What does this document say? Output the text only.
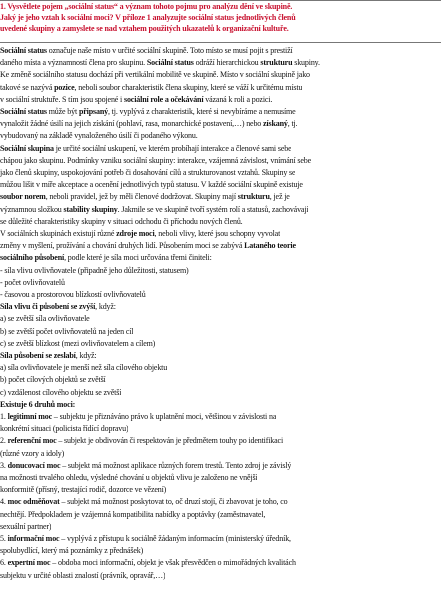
1. Vysvětlete pojem „sociální status“ a význam tohoto pojmu pro analýzu dění ve skupině.
Jaký je jeho vztah k sociální moci? V příloze 1 analyzujte sociální status jednotlivých členů
uvedené skupiny a zamyslete se nad vztahem použitých ukazatelů k organizační kultuře.
Sociální status označuje naše místo v určité sociální skupině. Toto místo se musí pojit s prestiží
daného místa a významností člena pro skupinu. Sociální status odráží hierarchickou strukturu skupiny.
Ke změně sociálního statusu dochází při vertikální mobilitě ve skupině. Místo v sociální skupině jako
takové se nazývá pozice, neboli soubor charakteristik člena skupiny, které se váží k určitému místu
v sociální struktuře. S tím jsou spojené i sociální role a očekávání vázaná k roli a pozici.
Sociální status může být připsaný, tj. vyplývá z charakteristik, které si nevybíráme a nemusíme
vynaložit žádné úsilí na jejich získání (pohlaví, rasa, monarchické postavení,…) nebo získaný, tj.
vybudovaný na základě vynaloženého úsilí či podaného výkonu.
Sociální skupina je určité sociální uskupení, ve kterém probíhají interakce a členové sami sebe
chápou jako skupinu. Podmínky vzniku sociální skupiny: interakce, vzájemná závislost, vnímání sebe
jako členů skupiny, uspokojování potřeb či dosahování cílů a strukturovanost vztahů. Skupiny se
můžou lišit v míře akceptace a ocenění jednotlivých typů statusu. V každé sociální skupině existuje
soubor norem, neboli pravidel, jež by měli členové dodržovat. Skupiny mají strukturu, jež je
významnou složkou stability skupiny. Jakmile se ve skupině tvoří systém rolí a statusů, zachovávají
se důležité charakteristiky skupiny v situaci odchodu či příchodu nových členů.
V sociálních skupinách existují různé zdroje moci, neboli vlivy, které jsou schopny vyvolat
změny v myšlení, prožívání a chování druhých lidí. Působením moci se zabývá Lataného teorie
sociálního působení, podle které je síla moci určována třemi činiteli:
- síla vlivu ovlivňovatele (připadně jeho důležitosti, statusem)
- počet ovlivňovatelů
- časovou a prostorovou blízkostí ovlivňovatelů
Síla vlivu či působení se zvýší, když:
a) se zvětší síla ovlivňovatele
b) se zvětší počet ovlivňovatelů na jeden cíl
c) se zvětší blízkost (mezi ovlivňovatelem a cílem)
Síla působení se zeslabí, když:
a) síla ovlivňovatele je menší než síla cílového objektu
b) počet cílových objektů se zvětší
c) vzdálenost cílového objektu se zvětší
Existuje 6 druhů moci:
1. legitimní moc – subjektu je přiznáváno právo k uplatnění moci, většinou v závislosti na
konkrétní situaci (policista řídící dopravu)
2. referenční moc – subjekt je obdivován či respektován je předmětem touhy po identifikaci
(různé vzory a idoly)
3. donucovací moc – subjekt má možnost aplikace různých forem trestů. Tento zdroj je závislý
na možnosti trvalého ohledu, výsledné chování u objektů vlivu je založeno ne vnější
konformitě (přísný, trestající rodič, dozorce ve vězení)
4. moc odměňovat – subjekt má možnost poskytovat to, oč druzí stojí, či zbavovat je toho, co
nechtějí. Předpokladem je vzájemná kompatibilita nabídky a poptávky (zaměstnavatel,
sexuální partner)
5. informační moc – vyplývá z přístupu k sociálně žádaným informacím (ministerský úředník,
spolubydlící, který má poznámky z přednášek)
6. expertní moc – obdoba moci informační, objekt je však přesvědčen o mimořádných kvalitách
subjektu v určité oblasti znalostí (právník, opravář,…)
